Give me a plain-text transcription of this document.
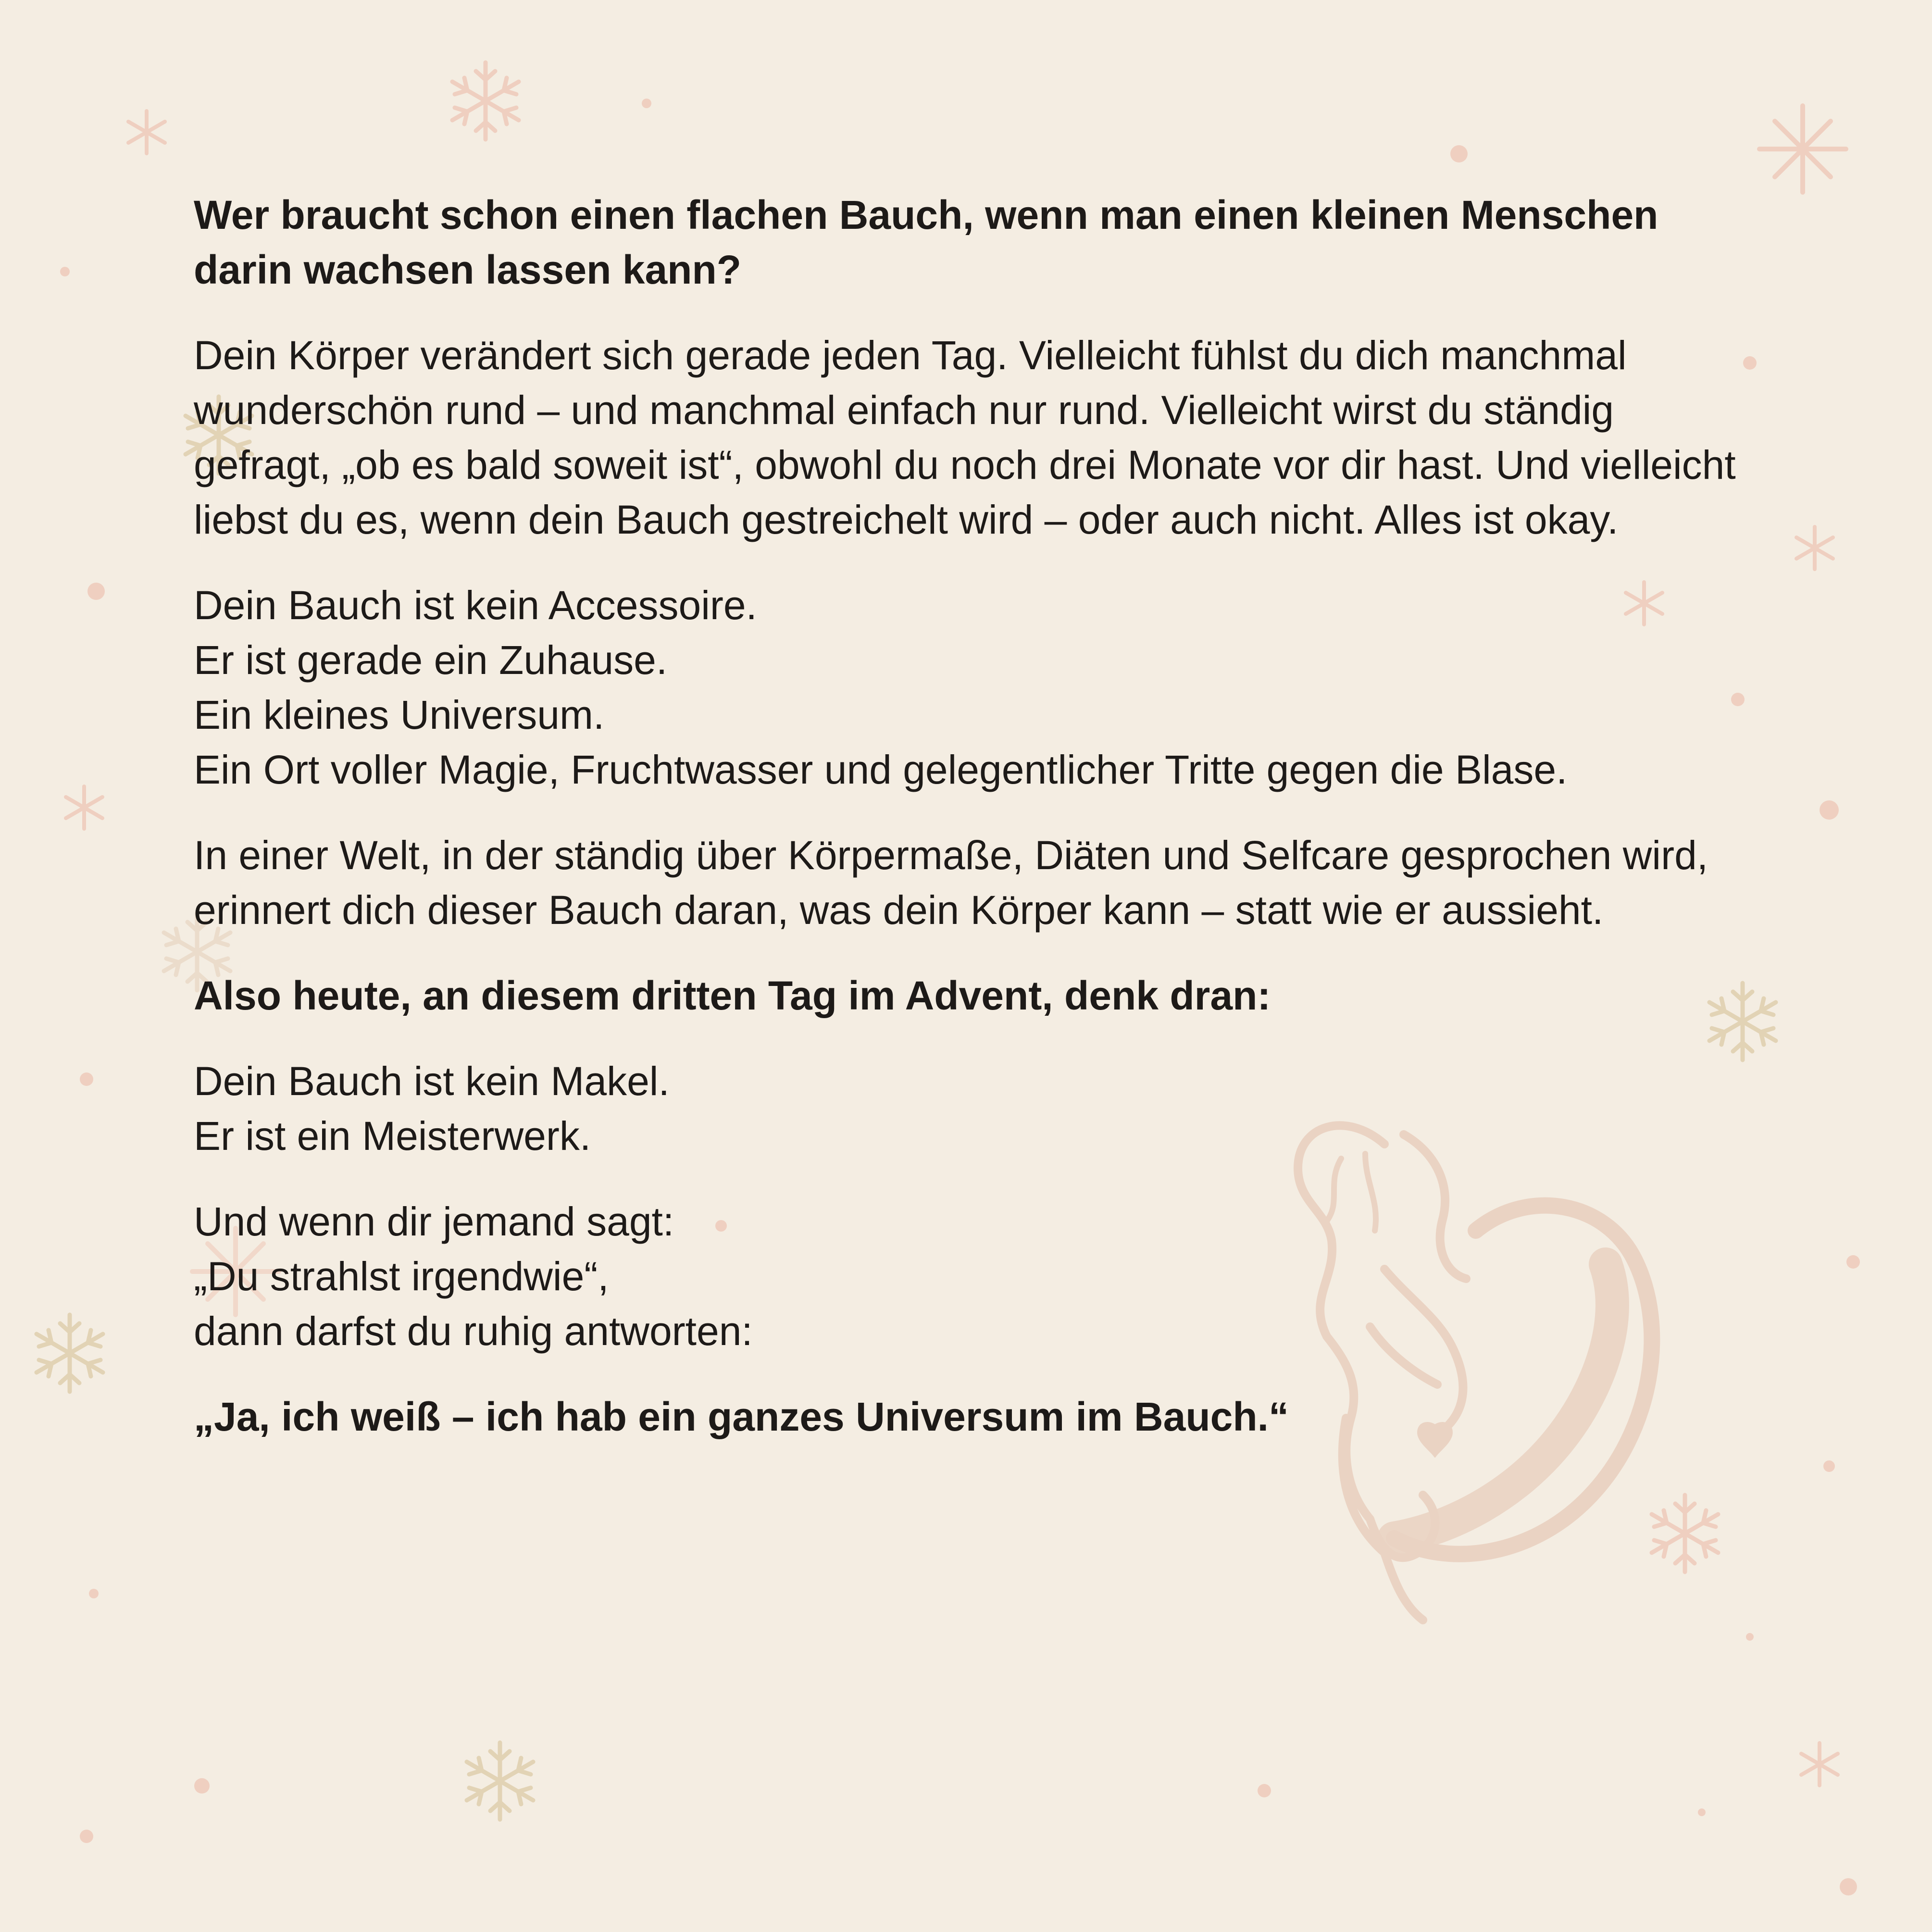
Wer braucht schon einen flachen Bauch, wenn man einen kleinen Menschen darin wachsen lassen kann?

Dein Körper verändert sich gerade jeden Tag. Vielleicht fühlst du dich manchmal wunderschön rund – und manchmal einfach nur rund. Vielleicht wirst du ständig gefragt, „ob es bald soweit ist“, obwohl du noch drei Monate vor dir hast. Und vielleicht liebst du es, wenn dein Bauch gestreichelt wird – oder auch nicht. Alles ist okay.

Dein Bauch ist kein Accessoire.
Er ist gerade ein Zuhause.
Ein kleines Universum.
Ein Ort voller Magie, Fruchtwasser und gelegentlicher Tritte gegen die Blase.

In einer Welt, in der ständig über Körpermaße, Diäten und Selfcare gesprochen wird, erinnert dich dieser Bauch daran, was dein Körper kann – statt wie er aussieht.

Also heute, an diesem dritten Tag im Advent, denk dran:

Dein Bauch ist kein Makel.
Er ist ein Meisterwerk.

Und wenn dir jemand sagt:
„Du strahlst irgendwie“,
dann darfst du ruhig antworten:

„Ja, ich weiß – ich hab ein ganzes Universum im Bauch.“
